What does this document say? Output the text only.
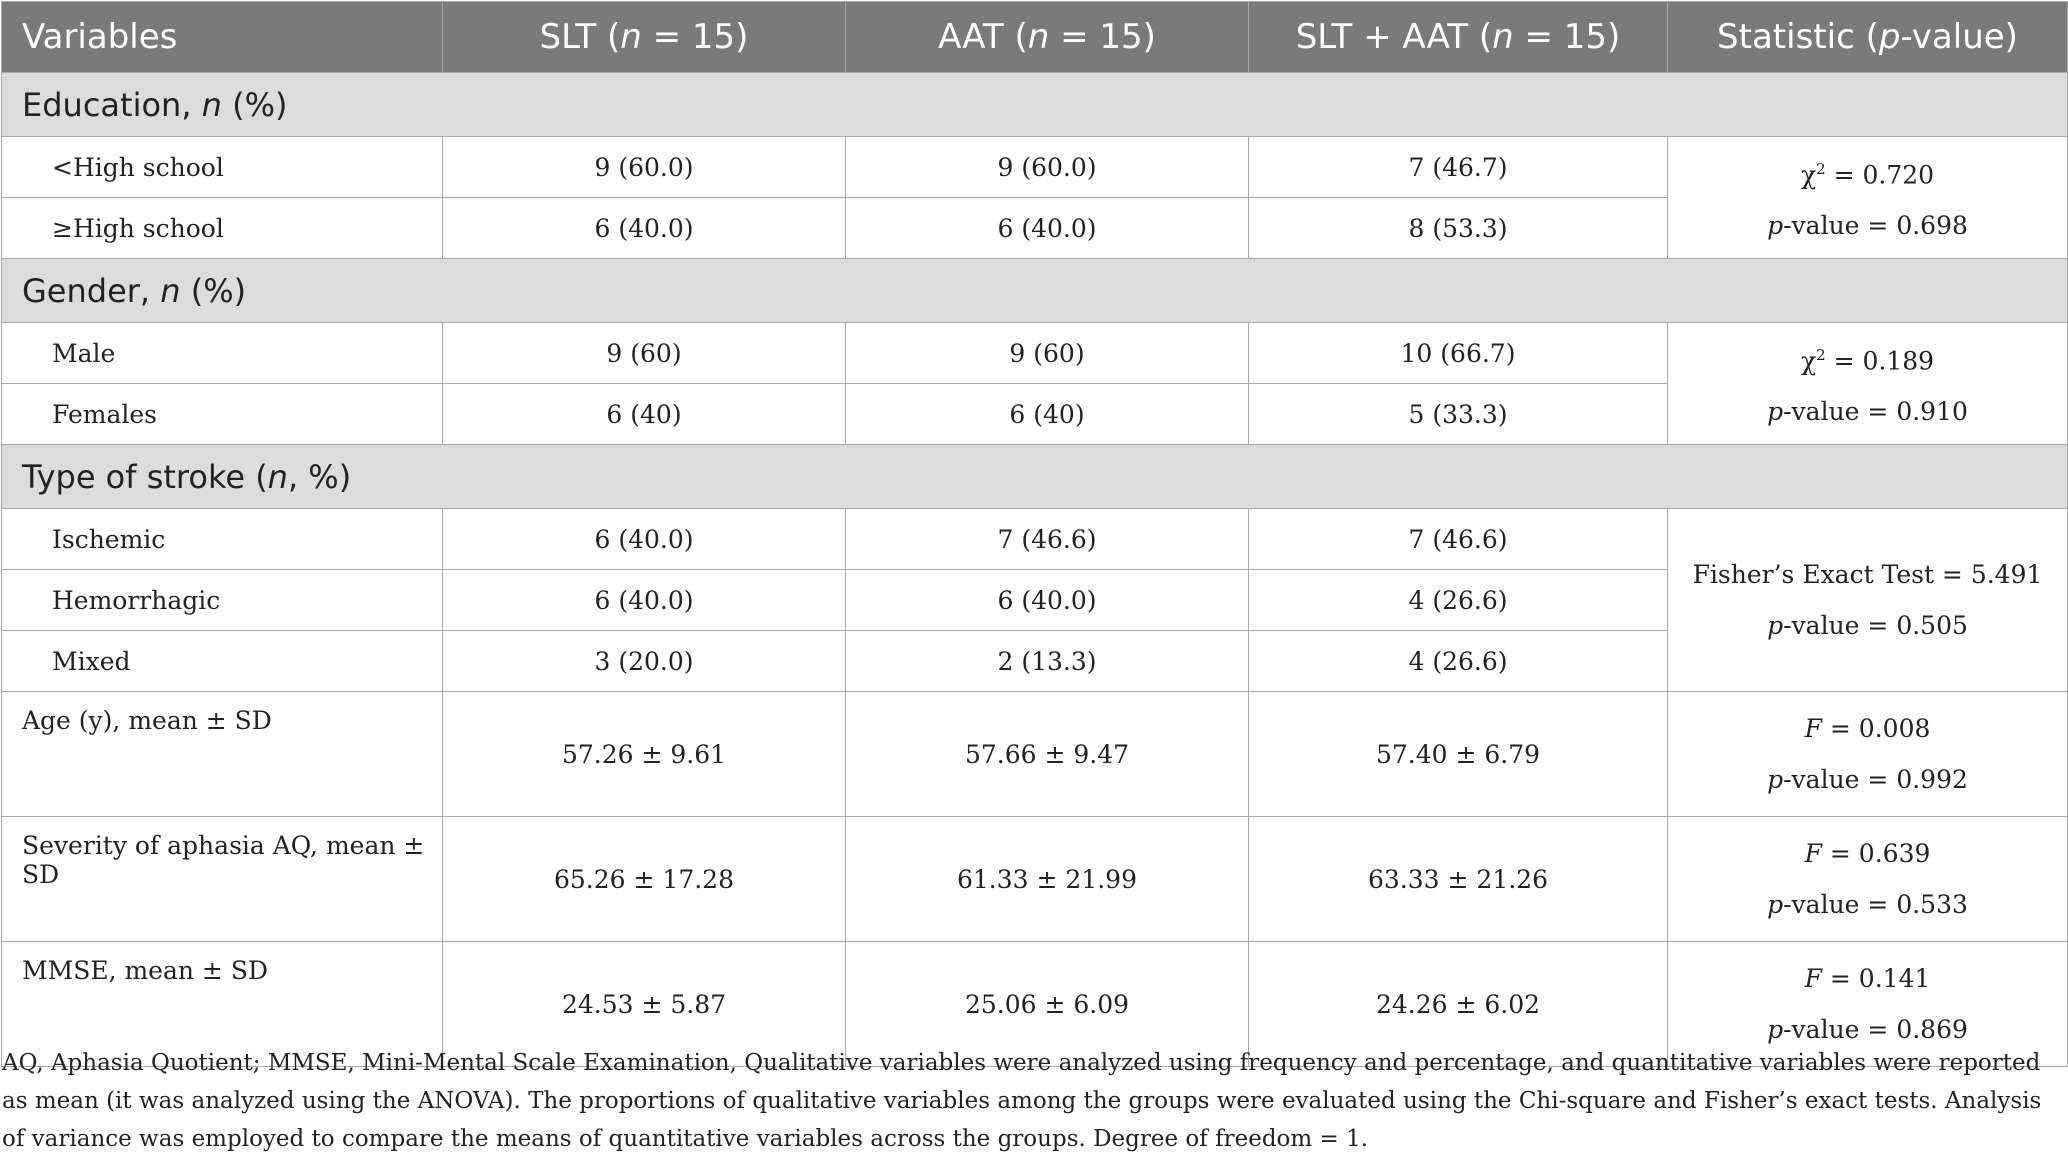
Variables	SLT (n = 15)	AAT (n = 15)	SLT + AAT (n = 15)	Statistic (p-value)
Education, n (%)				
<High school	9 (60.0)	9 (60.0)	7 (46.7)	$\chi^2 = 0.720$
p-value = 0.698

≥High school	6 (40.0)	6 (40.0)	8 (53.3)	
Gender, n (%)				
Male	9 (60)	9 (60)	10 (66.7)	$\chi^2 = 0.189$
p-value = 0.910

Females	6 (40)	6 (40)	5 (33.3)	
Type of stroke (n, %)				
Ischemic	6 (40.0)	7 (46.6)	7 (46.6)	Fisher’s Exact Test = 5.491
p-value = 0.505

Hemorrhagic	6 (40.0)	6 (40.0)	4 (26.6)	
Mixed	3 (20.0)	2 (13.3)	4 (26.6)	
Age (y), mean ± SD	57.26 ± 9.61	57.66 ± 9.47	57.40 ± 6.79	F = 0.008
p-value = 0.992

Severity of aphasia AQ, mean ± SD	65.26 ± 17.28	61.33 ± 21.99	63.33 ± 21.26	F = 0.639
p-value = 0.533

MMSE, mean ± SD	24.53 ± 5.87	25.06 ± 6.09	24.26 ± 6.02	F = 0.141
p-value = 0.869

AQ, Aphasia Quotient; MMSE, Mini-Mental Scale Examination, Qualitative variables were analyzed using frequency and percentage, and quantitative variables were reported as mean (it was analyzed using the ANOVA). The proportions of qualitative variables among the groups were evaluated using the Chi-square and Fisher’s exact tests. Analysis of variance was employed to compare the means of quantitative variables across the groups. Degree of freedom = 1.
